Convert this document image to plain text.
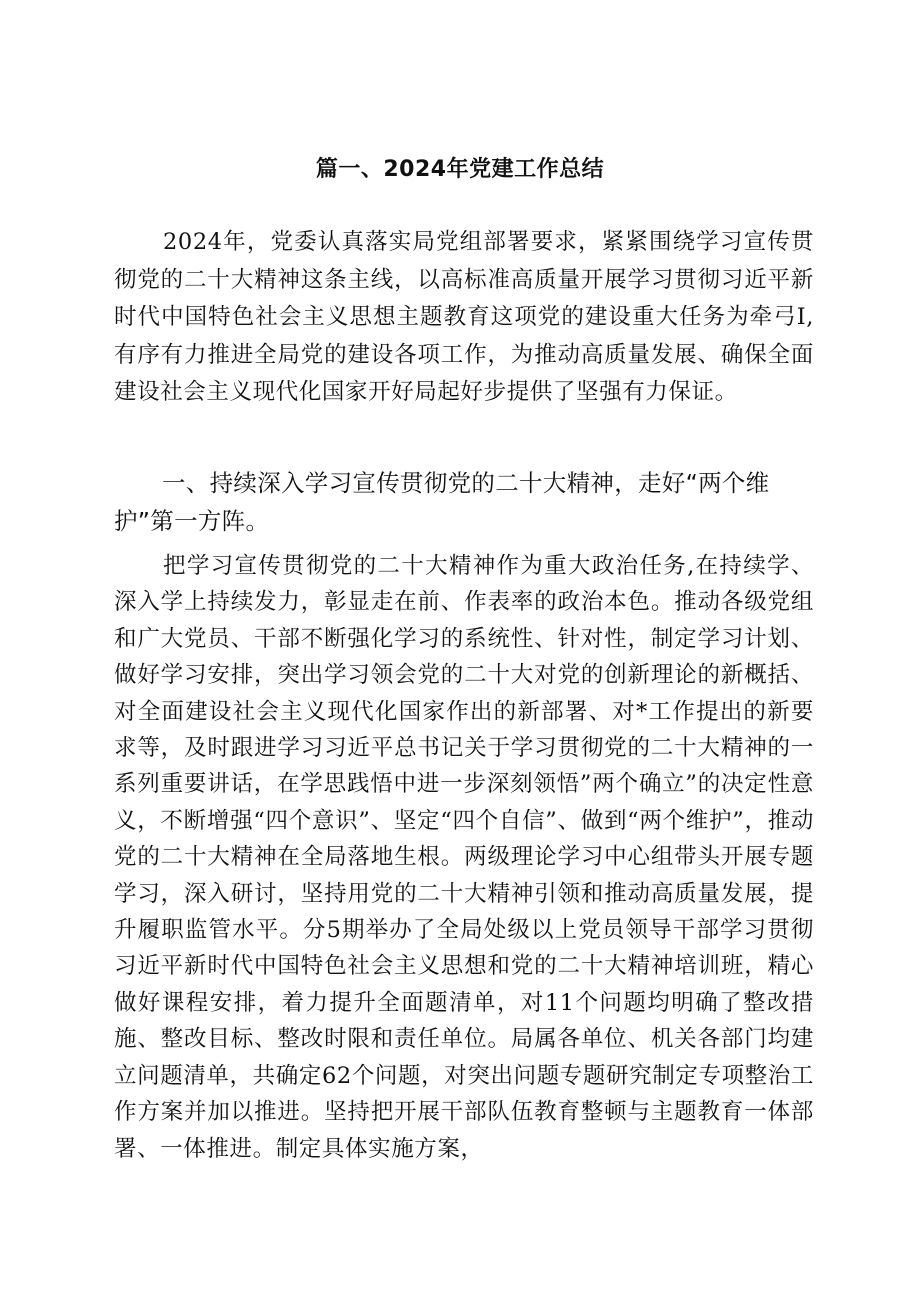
篇一、2024年党建工作总结

2024年，党委认真落实局党组部署要求，紧紧围绕学习宣传贯彻党的二十大精神这条主线，以高标准高质量开展学习贯彻习近平新时代中国特色社会主义思想主题教育这项党的建设重大任务为牵弓I,有序有力推进全局党的建设各项工作，为推动高质量发展、确保全面建设社会主义现代化国家开好局起好步提供了坚强有力保证。

一、持续深入学习宣传贯彻党的二十大精神，走好“两个维护”第一方阵。

把学习宣传贯彻党的二十大精神作为重大政治任务,在持续学、深入学上持续发力，彰显走在前、作表率的政治本色。推动各级党组和广大党员、干部不断强化学习的系统性、针对性，制定学习计划、做好学习安排，突出学习领会党的二十大对党的创新理论的新概括、对全面建设社会主义现代化国家作出的新部署、对*工作提出的新要求等，及时跟进学习习近平总书记关于学习贯彻党的二十大精神的一系列重要讲话，在学思践悟中进一步深刻领悟”两个确立”的决定性意义，不断增强“四个意识”、坚定“四个自信”、做到“两个维护”，推动党的二十大精神在全局落地生根。两级理论学习中心组带头开展专题学习，深入研讨，坚持用党的二十大精神引领和推动高质量发展，提升履职监管水平。分5期举办了全局处级以上党员领导干部学习贯彻习近平新时代中国特色社会主义思想和党的二十大精神培训班，精心做好课程安排，着力提升全面题清单，对11个问题均明确了整改措施、整改目标、整改时限和责任单位。局属各单位、机关各部门均建立问题清单，共确定62个问题，对突出问题专题研究制定专项整治工作方案并加以推进。坚持把开展干部队伍教育整顿与主题教育一体部署、一体推进。制定具体实施方案，
